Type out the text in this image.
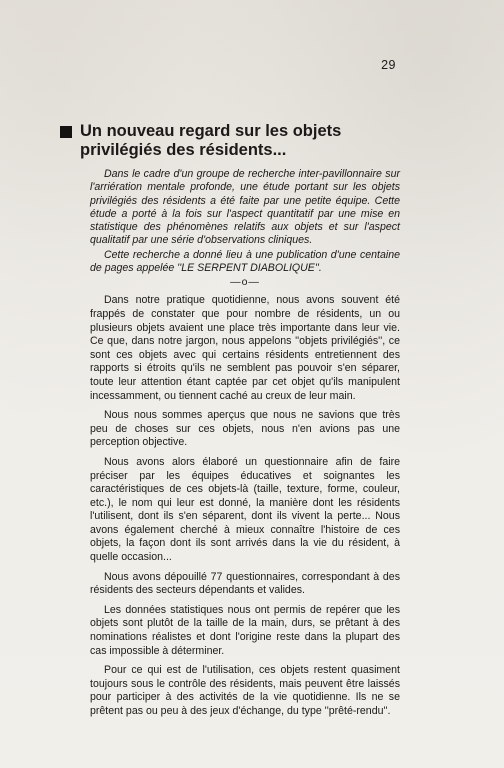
29
Un nouveau regard sur les objets privilégiés des résidents...

Dans le cadre d'un groupe de recherche inter-pavillonnaire sur l'arriération mentale profonde, une étude portant sur les objets privilégiés des résidents a été faite par une petite équipe. Cette étude a porté à la fois sur l'aspect quantitatif par une mise en statistique des phénomènes relatifs aux objets et sur l'aspect qualitatif par une série d'observations cliniques.

Cette recherche a donné lieu à une publication d'une centaine de pages appelée ''LE SERPENT DIABOLIQUE''.

—o—

Dans notre pratique quotidienne, nous avons souvent été frappés de constater que pour nombre de résidents, un ou plusieurs objets avaient une place très importante dans leur vie. Ce que, dans notre jargon, nous appelons ''objets privilégiés'', ce sont ces objets avec qui certains résidents entretiennent des rapports si étroits qu'ils ne semblent pas pouvoir s'en séparer, toute leur attention étant captée par cet objet qu'ils manipulent incessamment, ou tiennent caché au creux de leur main.

Nous nous sommes aperçus que nous ne savions que très peu de choses sur ces objets, nous n'en avions pas une perception objective.

Nous avons alors élaboré un questionnaire afin de faire préciser par les équipes éducatives et soignantes les caractéristiques de ces objets-là (taille, texture, forme, couleur, etc.), le nom qui leur est donné, la manière dont les résidents l'utilisent, dont ils s'en séparent, dont ils vivent la perte... Nous avons également cherché à mieux connaître l'histoire de ces objets, la façon dont ils sont arrivés dans la vie du résident, à quelle occasion...

Nous avons dépouillé 77 questionnaires, correspondant à des résidents des secteurs dépendants et valides.

Les données statistiques nous ont permis de repérer que les objets sont plutôt de la taille de la main, durs, se prêtant à des nominations réalistes et dont l'origine reste dans la plupart des cas impossible à déterminer.

Pour ce qui est de l'utilisation, ces objets restent quasiment toujours sous le contrôle des résidents, mais peuvent être laissés pour participer à des activités de la vie quotidienne. Ils ne se prêtent pas ou peu à des jeux d'échange, du type ''prêté-rendu''.
